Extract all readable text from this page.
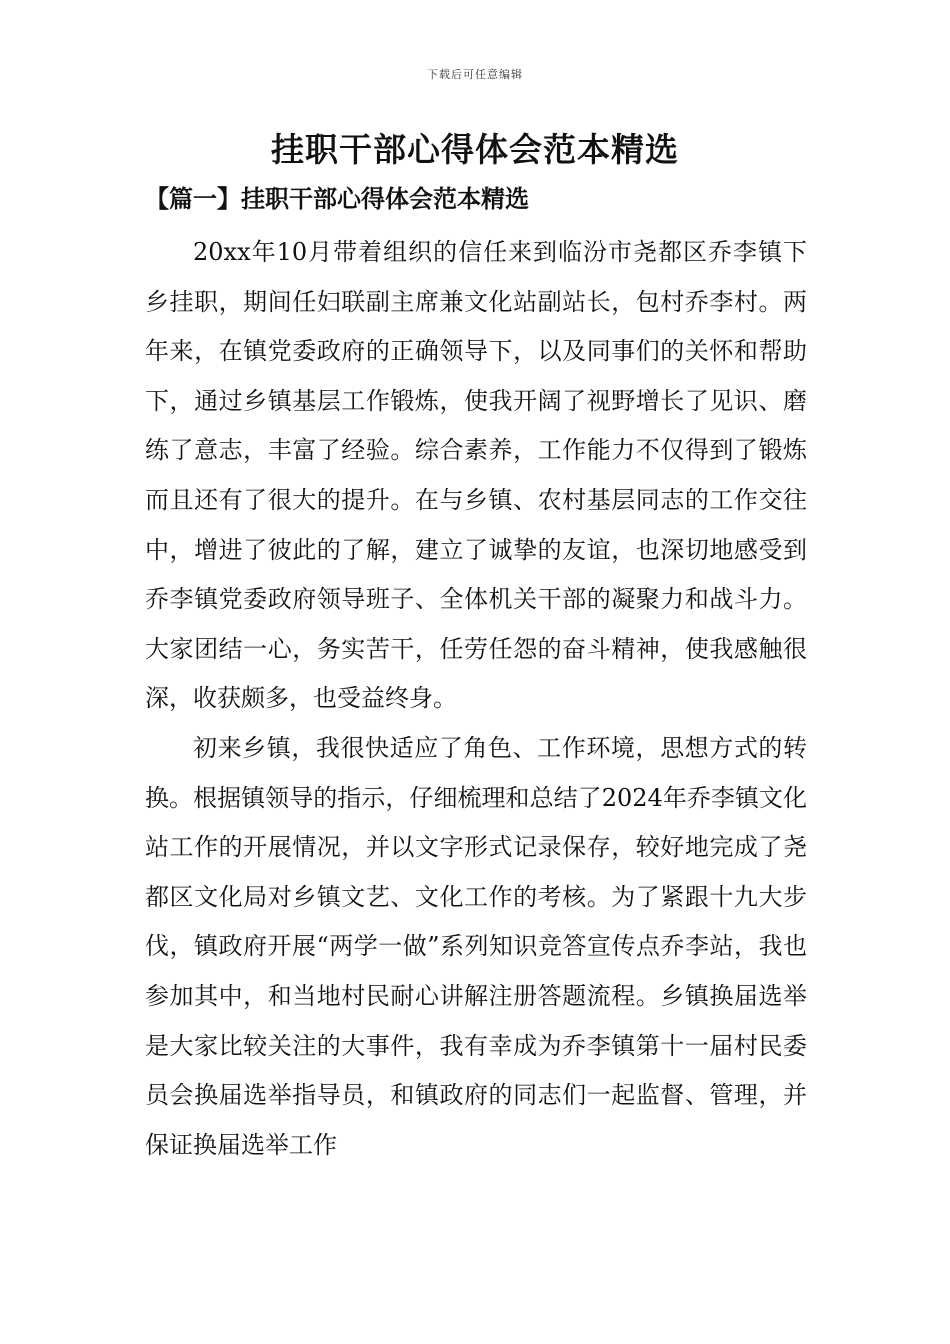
下载后可任意编辑
挂职干部心得体会范本精选
【篇一】挂职干部心得体会范本精选

20xx年10月带着组织的信任来到临汾市尧都区乔李镇下乡挂职，期间任妇联副主席兼文化站副站长，包村乔李村。两年来，在镇党委政府的正确领导下，以及同事们的关怀和帮助下，通过乡镇基层工作锻炼，使我开阔了视野增长了见识、磨练了意志，丰富了经验。综合素养，工作能力不仅得到了锻炼而且还有了很大的提升。在与乡镇、农村基层同志的工作交往中，增进了彼此的了解，建立了诚挚的友谊，也深切地感受到乔李镇党委政府领导班子、全体机关干部的凝聚力和战斗力。大家团结一心，务实苦干，任劳任怨的奋斗精神，使我感触很深，收获颇多，也受益终身。

初来乡镇，我很快适应了角色、工作环境，思想方式的转换。根据镇领导的指示，仔细梳理和总结了2024年乔李镇文化站工作的开展情况，并以文字形式记录保存，较好地完成了尧都区文化局对乡镇文艺、文化工作的考核。为了紧跟十九大步伐，镇政府开展“两学一做”系列知识竞答宣传点乔李站，我也参加其中，和当地村民耐心讲解注册答题流程。乡镇换届选举是大家比较关注的大事件，我有幸成为乔李镇第十一届村民委员会换届选举指导员，和镇政府的同志们一起监督、管理，并保证换届选举工作
